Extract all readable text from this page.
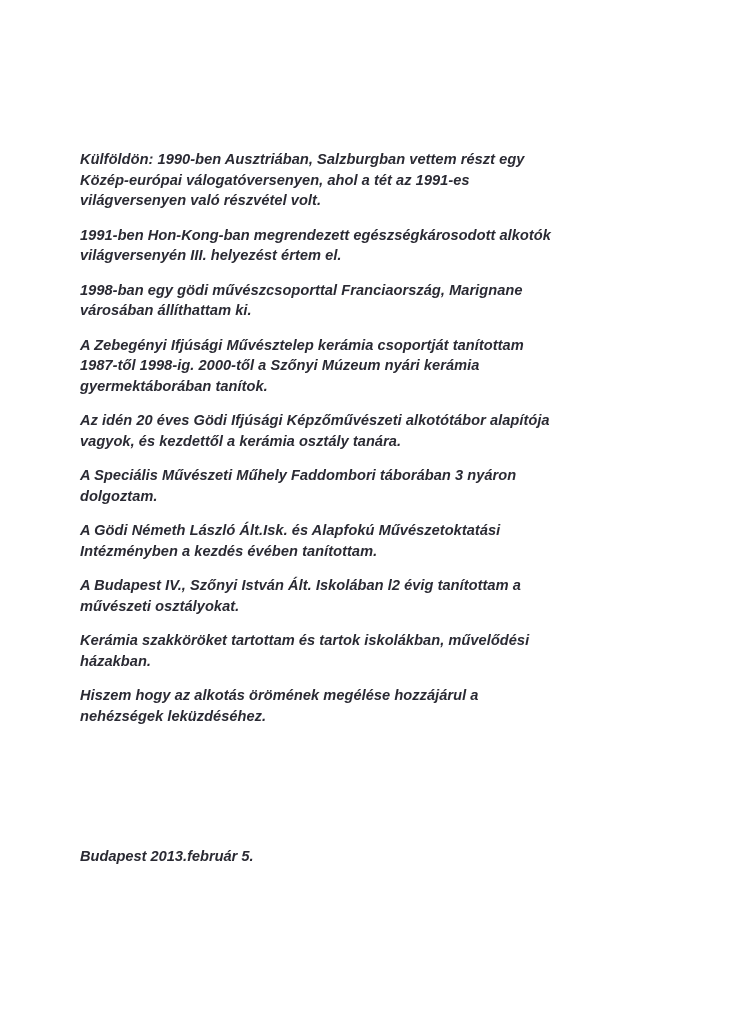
Külföldön: 1990-ben Ausztriában, Salzburgban vettem részt egy
Közép-európai válogatóversenyen, ahol a tét az 1991-es
világversenyen való részvétel volt.

1991-ben Hon-Kong-ban megrendezett egészségkárosodott alkotók
világversenyén III. helyezést értem el.

1998-ban egy gödi művészcsoporttal Franciaország, Marignane
városában állíthattam ki.

A Zebegényi Ifjúsági Művésztelep kerámia csoportját tanítottam
1987-től 1998-ig. 2000-től a Szőnyi Múzeum nyári kerámia
gyermektáborában tanítok.

Az idén 20 éves Gödi Ifjúsági Képzőművészeti alkotótábor alapítója
vagyok, és kezdettől a kerámia osztály tanára.

A Speciális Művészeti Műhely Faddombori táborában 3 nyáron
dolgoztam.

A Gödi Németh László Ált.Isk. és Alapfokú Művészetoktatási
Intézményben a kezdés évében tanítottam.

A Budapest IV., Szőnyi István Ált. Iskolában l2 évig tanítottam a
művészeti osztályokat.

Kerámia szakköröket tartottam és tartok iskolákban, művelődési
házakban.

Hiszem hogy az alkotás örömének megélése hozzájárul a
nehézségek leküzdéséhez.

Budapest 2013.február 5.
